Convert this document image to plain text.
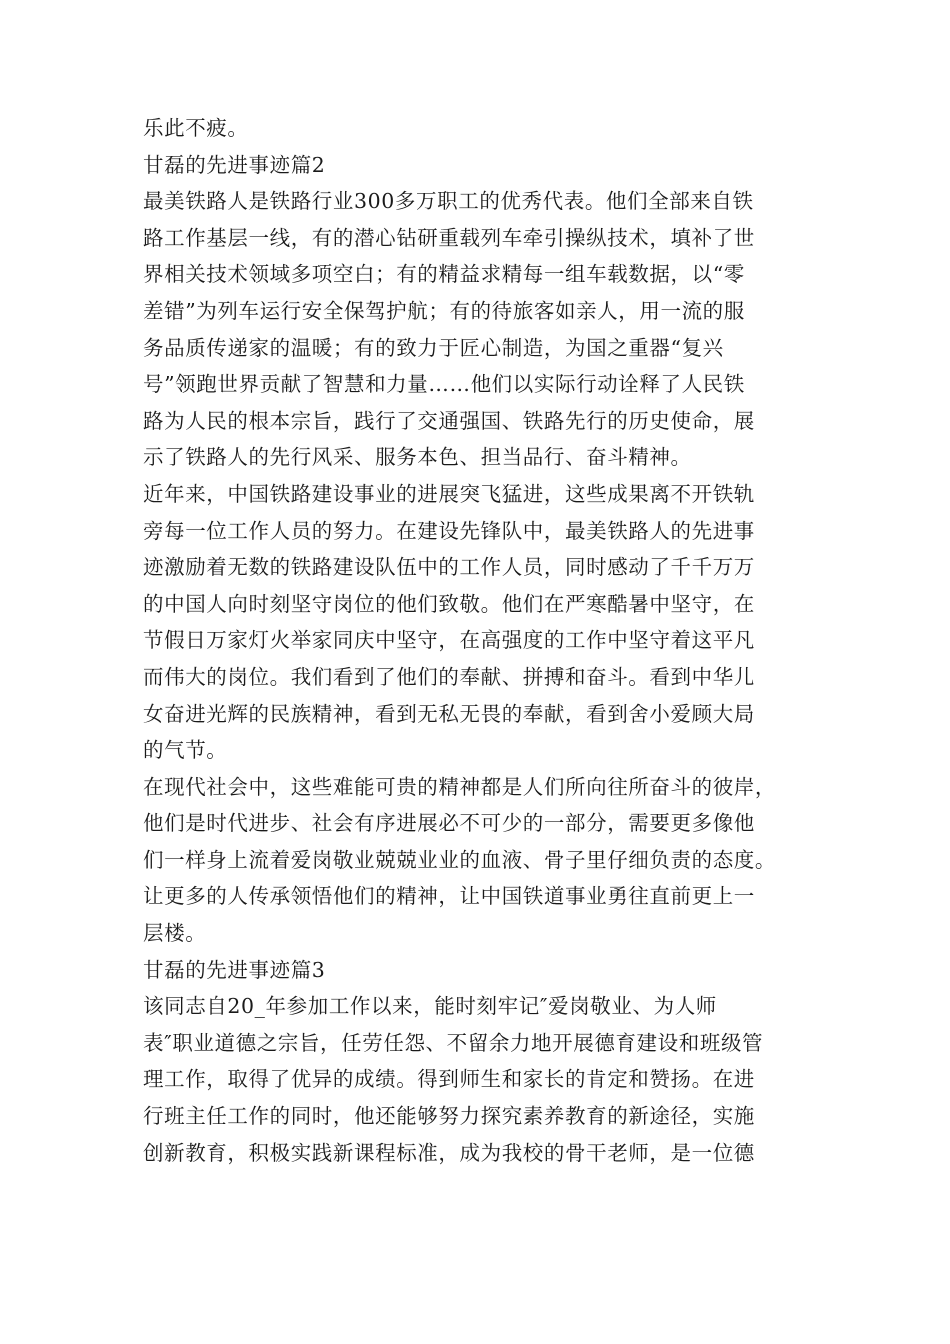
乐此不疲。
甘磊的先进事迹篇2
最美铁路人是铁路行业300多万职工的优秀代表。他们全部来自铁
路工作基层一线，有的潜心钻研重载列车牵引操纵技术，填补了世
界相关技术领域多项空白；有的精益求精每一组车载数据，以“零
差错”为列车运行安全保驾护航；有的待旅客如亲人，用一流的服
务品质传递家的温暖；有的致力于匠心制造，为国之重器“复兴
号”领跑世界贡献了智慧和力量……他们以实际行动诠释了人民铁
路为人民的根本宗旨，践行了交通强国、铁路先行的历史使命，展
示了铁路人的先行风采、服务本色、担当品行、奋斗精神。
近年来，中国铁路建设事业的进展突飞猛进，这些成果离不开铁轨
旁每一位工作人员的努力。在建设先锋队中，最美铁路人的先进事
迹激励着无数的铁路建设队伍中的工作人员，同时感动了千千万万
的中国人向时刻坚守岗位的他们致敬。他们在严寒酷暑中坚守，在
节假日万家灯火举家同庆中坚守，在高强度的工作中坚守着这平凡
而伟大的岗位。我们看到了他们的奉献、拼搏和奋斗。看到中华儿
女奋进光辉的民族精神，看到无私无畏的奉献，看到舍小爱顾大局
的气节。
在现代社会中，这些难能可贵的精神都是人们所向往所奋斗的彼岸，
他们是时代进步、社会有序进展必不可少的一部分，需要更多像他
们一样身上流着爱岗敬业兢兢业业的血液、骨子里仔细负责的态度。
让更多的人传承领悟他们的精神，让中国铁道事业勇往直前更上一
层楼。
甘磊的先进事迹篇3
该同志自20_年参加工作以来，能时刻牢记″爱岗敬业、为人师
表″职业道德之宗旨，任劳任怨、不留余力地开展德育建设和班级管
理工作，取得了优异的成绩。得到师生和家长的肯定和赞扬。在进
行班主任工作的同时，他还能够努力探究素养教育的新途径，实施
创新教育，积极实践新课程标准，成为我校的骨干老师，是一位德
